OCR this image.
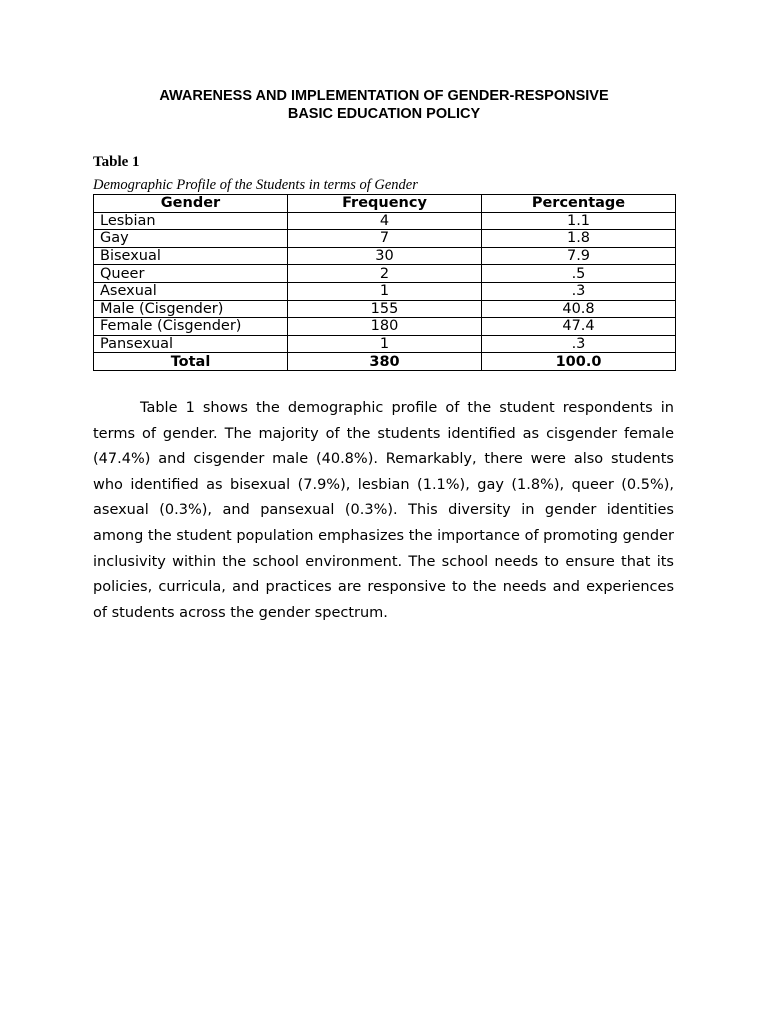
AWARENESS AND IMPLEMENTATION OF GENDER-RESPONSIVE
BASIC EDUCATION POLICY
Table 1
Demographic Profile of the Students in terms of Gender
Gender	Frequency	Percentage
Lesbian	4	1.1
Gay	7	1.8
Bisexual	30	7.9
Queer	2	.5
Asexual	1	.3
Male (Cisgender)	155	40.8
Female (Cisgender)	180	47.4
Pansexual	1	.3
Total	380	100.0

Table 1 shows the demographic profile of the student respondents in terms of gender. The majority of the students identified as cisgender female (47.4%) and cisgender male (40.8%). Remarkably, there were also students who identified as bisexual (7.9%), lesbian (1.1%), gay (1.8%), queer (0.5%), asexual (0.3%), and pansexual (0.3%). This diversity in gender identities among the student population emphasizes the importance of promoting gender inclusivity within the school environment. The school needs to ensure that its policies, curricula, and practices are responsive to the needs and experiences of students across the gender spectrum.
